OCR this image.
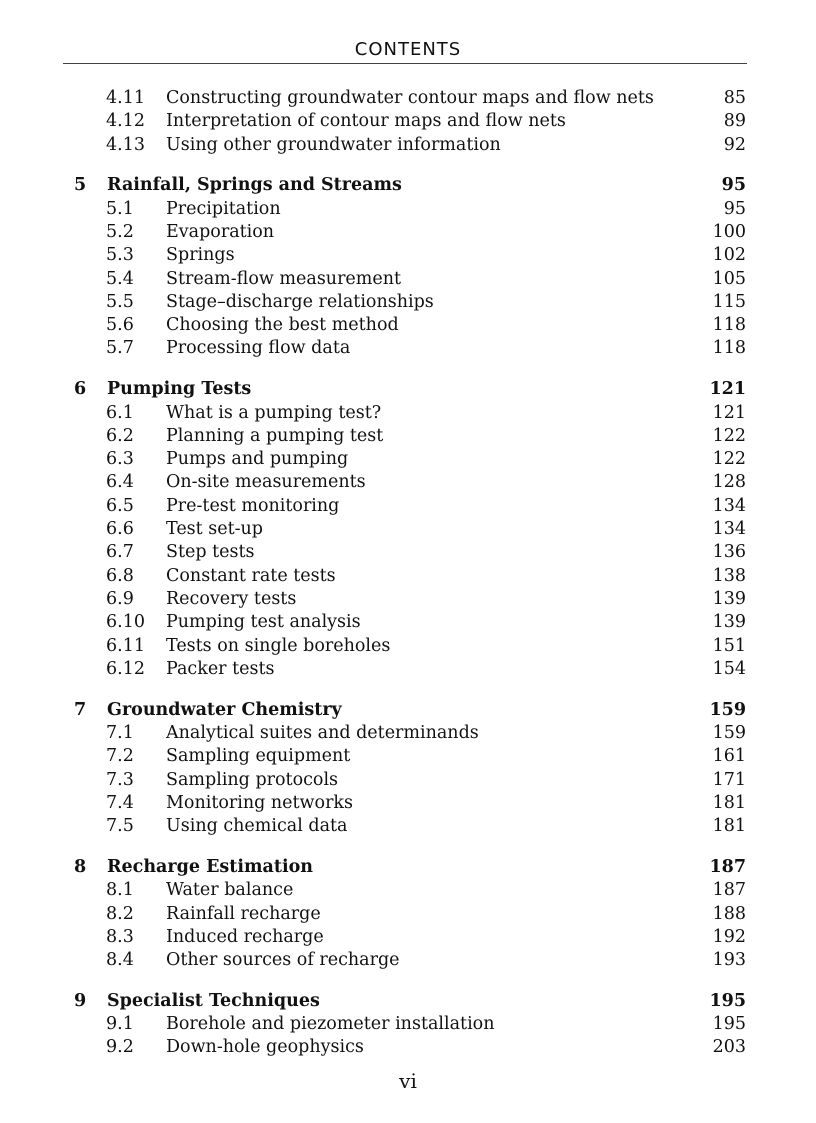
CONTENTS
4.11 Constructing groundwater contour maps and flow nets	85
4.12 Interpretation of contour maps and flow nets	89
4.13 Using other groundwater information	92
5 Rainfall, Springs and Streams	95
5.1 Precipitation	95
5.2 Evaporation	100
5.3 Springs	102
5.4 Stream-flow measurement	105
5.5 Stage–discharge relationships	115
5.6 Choosing the best method	118
5.7 Processing flow data	118
6 Pumping Tests	121
6.1 What is a pumping test?	121
6.2 Planning a pumping test	122
6.3 Pumps and pumping	122
6.4 On-site measurements	128
6.5 Pre-test monitoring	134
6.6 Test set-up	134
6.7 Step tests	136
6.8 Constant rate tests	138
6.9 Recovery tests	139
6.10 Pumping test analysis	139
6.11 Tests on single boreholes	151
6.12 Packer tests	154
7 Groundwater Chemistry	159
7.1 Analytical suites and determinands	159
7.2 Sampling equipment	161
7.3 Sampling protocols	171
7.4 Monitoring networks	181
7.5 Using chemical data	181
8 Recharge Estimation	187
8.1 Water balance	187
8.2 Rainfall recharge	188
8.3 Induced recharge	192
8.4 Other sources of recharge	193
9 Specialist Techniques	195
9.1 Borehole and piezometer installation	195
9.2 Down-hole geophysics	203
vi
